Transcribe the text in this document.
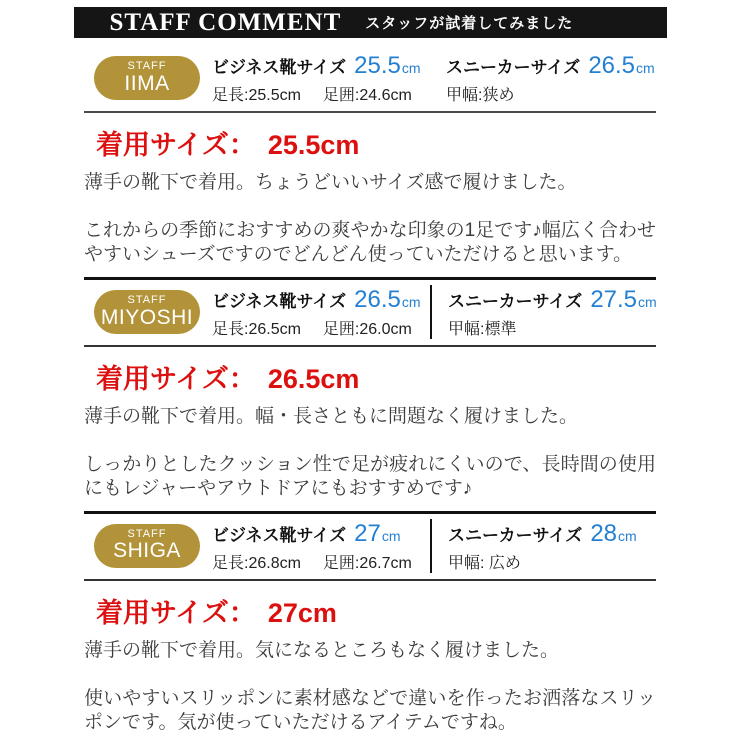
STAFF COMMENT スタッフが試着してみました
STAFF
IIMA
ビジネス靴サイズ 25.5 cm
足長:25.5cm 足囲:24.6cm
スニーカーサイズ 26.5 cm
甲幅:狭め
着用サイズ： 25.5cm

薄手の靴下で着用。ちょうどいいサイズ感で履けました。

これからの季節におすすめの爽やかな印象の1足です♪幅広く合わせやすいシューズですのでどんどん使っていただけると思います。

STAFF
MIYOSHI
ビジネス靴サイズ 26.5 cm
足長:26.5cm 足囲:26.0cm
スニーカーサイズ 27.5 cm
甲幅:標準
着用サイズ： 26.5cm

薄手の靴下で着用。幅・長さともに問題なく履けました。

しっかりとしたクッション性で足が疲れにくいので、長時間の使用にもレジャーやアウトドアにもおすすめです♪

STAFF
SHIGA
ビジネス靴サイズ 27 cm
足長:26.8cm 足囲:26.7cm
スニーカーサイズ 28 cm
甲幅: 広め
着用サイズ： 27cm

薄手の靴下で着用。気になるところもなく履けました。

使いやすいスリッポンに素材感などで違いを作ったお洒落なスリッポンです。気が使っていただけるアイテムですね。
